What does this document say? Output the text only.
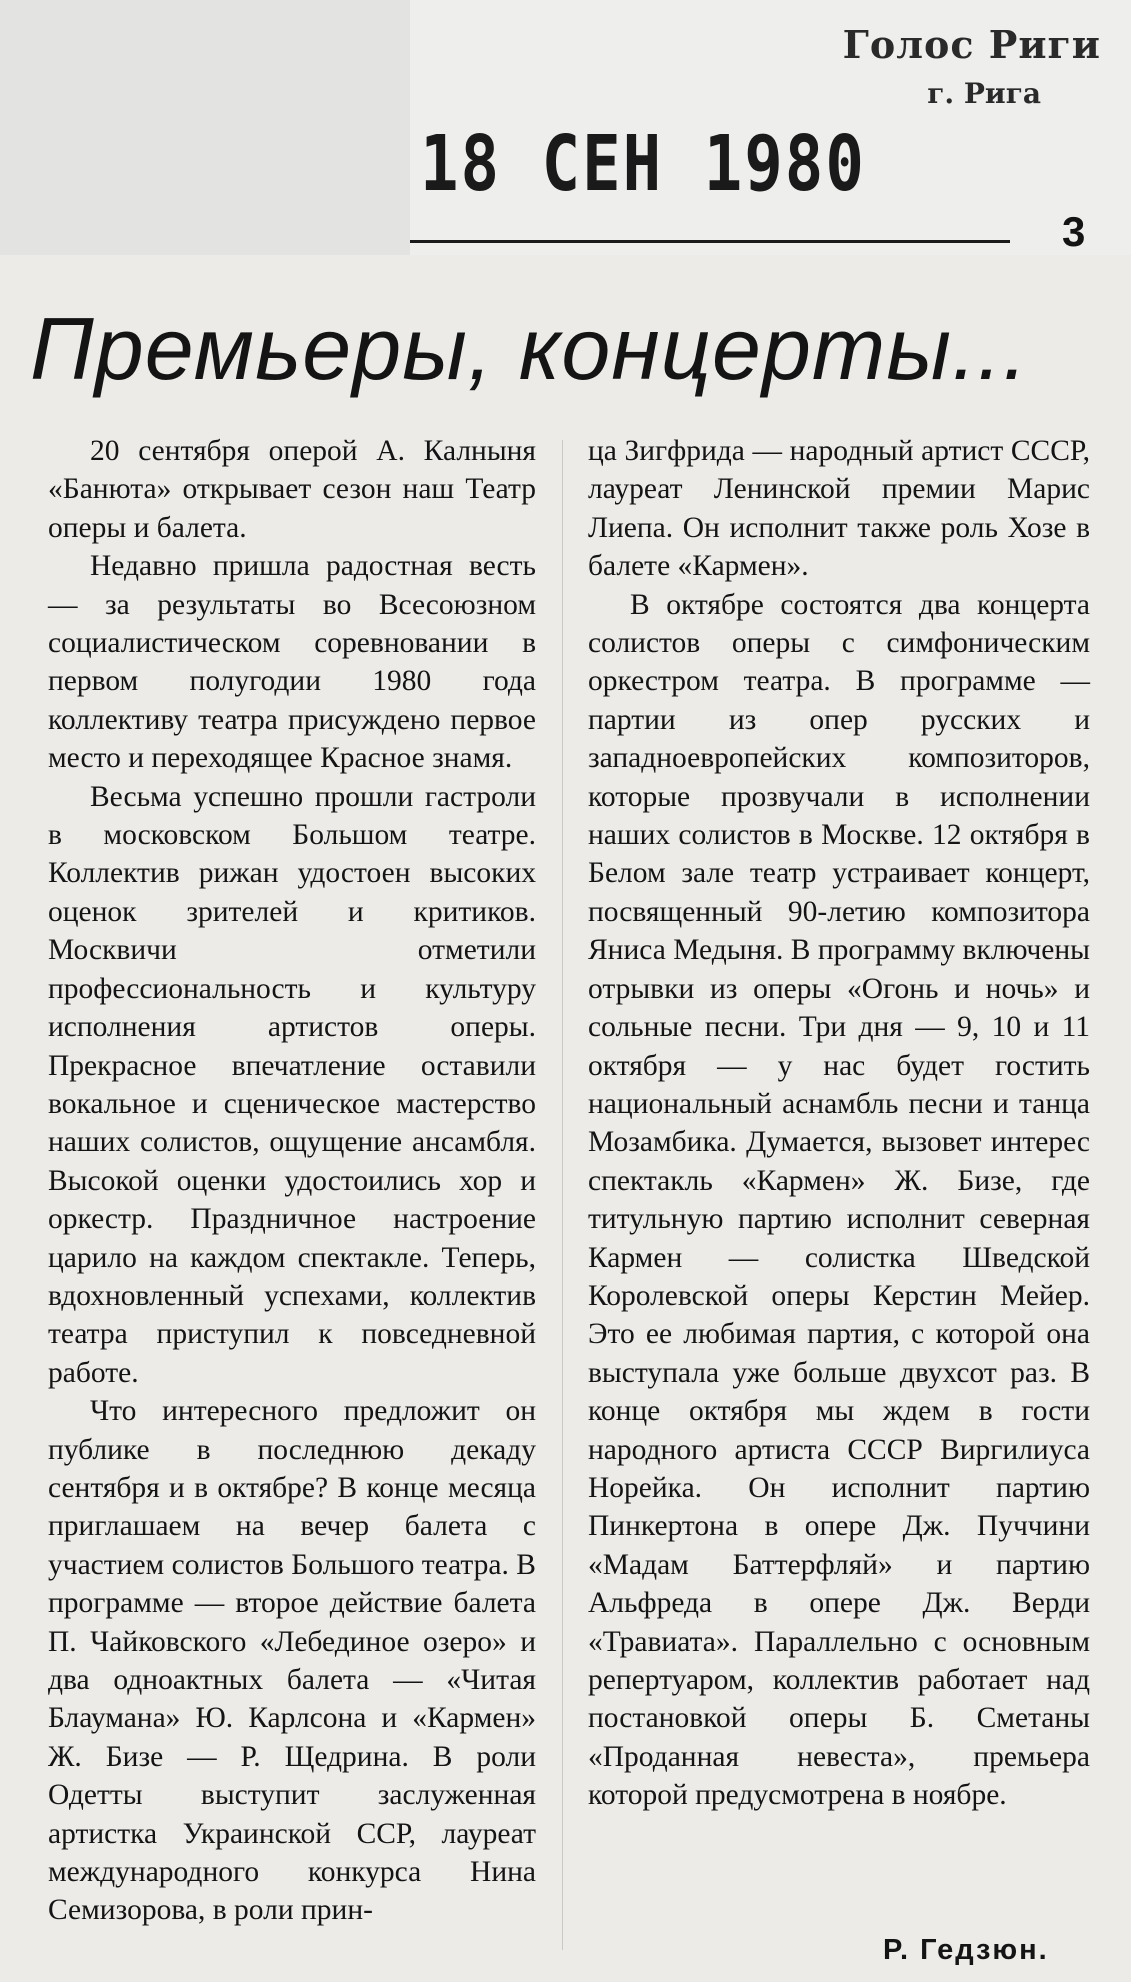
Голос Риги
г. Рига
18 СЕН 1980
3
Премьеры, концерты...

20 сентября оперой А. Калныня «Банюта» открывает сезон наш Театр оперы и балета.

Недавно пришла радостная весть — за результаты во Всесоюзном социалистическом соревновании в первом полугодии 1980 года коллективу театра присуждено первое место и переходящее Красное знамя.

Весьма успешно прошли гастроли в московском Большом театре. Коллектив рижан удостоен высоких оценок зрителей и критиков. Москвичи отметили профессиональность и культуру исполнения артистов оперы. Прекрасное впечатление оставили вокальное и сценическое мастерство наших солистов, ощущение ансамбля. Высокой оценки удостоились хор и оркестр. Праздничное настроение царило на каждом спектакле. Теперь, вдохновленный успехами, коллектив театра приступил к повседневной работе.

Что интересного предложит он публике в последнюю декаду сентября и в октябре? В конце месяца приглашаем на вечер балета с участием солистов Большого театра. В программе — второе действие балета П. Чайковского «Лебединое озеро» и два одноактных балета — «Читая Блаумана» Ю. Карлсона и «Кармен» Ж. Бизе — Р. Щедрина. В роли Одетты выступит заслуженная артистка Украинской ССР, лауреат международного конкурса Нина Семизорова, в роли прин-

ца Зигфрида — народный артист СССР, лауреат Ленинской премии Марис Лиепа. Он исполнит также роль Хозе в балете «Кармен».

В октябре состоятся два концерта солистов оперы с симфоническим оркестром театра. В программе — партии из опер русских и западноевропейских композиторов, которые прозвучали в исполнении наших солистов в Москве. 12 октября в Белом зале театр устраивает концерт, посвященный 90-летию композитора Яниса Медыня. В программу включены отрывки из оперы «Огонь и ночь» и сольные песни. Три дня — 9, 10 и 11 октября — у нас будет гостить национальный аснамбль песни и танца Мозамбика. Думается, вызовет интерес спектакль «Кармен» Ж. Бизе, где титульную партию исполнит северная Кармен — солистка Шведской Королевской оперы Керстин Мейер. Это ее любимая партия, с которой она выступала уже больше двухсот раз. В конце октября мы ждем в гости народного артиста СССР Виргилиуса Норейка. Он исполнит партию Пинкертона в опере Дж. Пуччини «Мадам Баттерфляй» и партию Альфреда в опере Дж. Верди «Травиата». Параллельно с основным репертуаром, коллектив работает над постановкой оперы Б. Сметаны «Проданная невеста», премьера которой предусмотрена в ноябре.

Р. Гедзюн.
